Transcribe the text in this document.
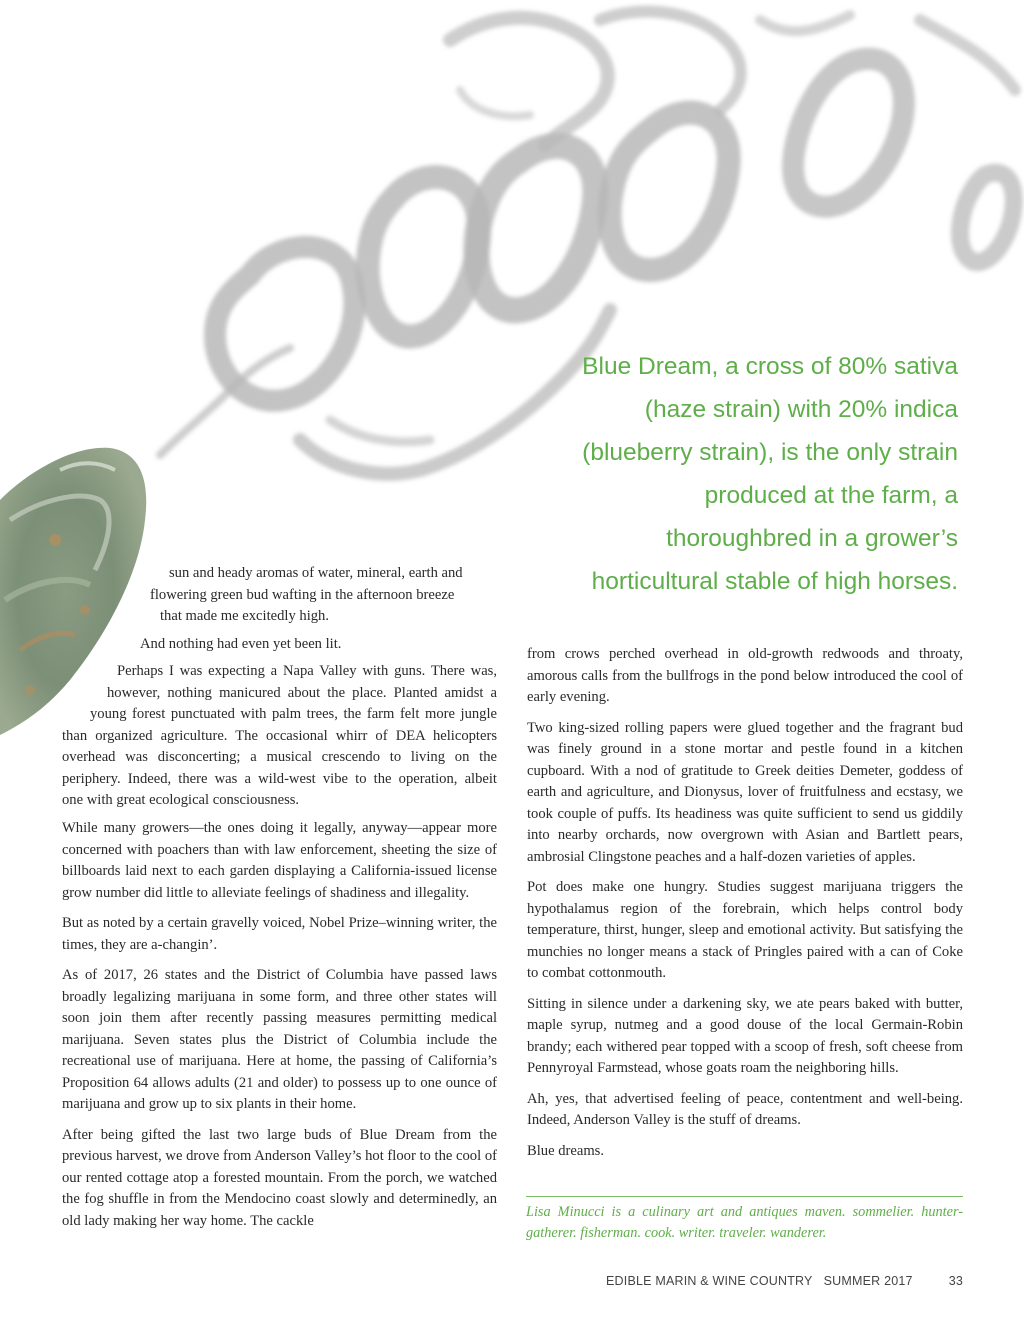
Blue Dream, a cross of 80% sativa (haze strain) with 20% indica (blueberry strain), is the only strain produced at the farm, a thoroughbred in a grower’s horticultural stable of high horses.

sun and heady aromas of water, mineral, earth and
flowering green bud wafting in the afternoon breeze
that made me excitedly high.

And nothing had even yet been lit.

Perhaps I was expecting a Napa Valley with guns. There was,
however, nothing manicured about the place. Planted amidst a
young forest punctuated with palm trees, the farm felt more jungle
than organized agriculture. The occasional whirr of DEA helicopters
overhead was disconcerting; a musical crescendo to living on the
periphery. Indeed, there was a wild-west vibe to the operation, albeit
one with great ecological consciousness.

While many growers—the ones doing it legally, anyway—appear more concerned with poachers than with law enforcement, sheeting the size of billboards laid next to each garden displaying a California-issued license grow number did little to alleviate feelings of shadiness and illegality.

But as noted by a certain gravelly voiced, Nobel Prize–winning writer, the times, they are a-changin’.

As of 2017, 26 states and the District of Columbia have passed laws broadly legalizing marijuana in some form, and three other states will soon join them after recently passing measures permitting medical marijuana. Seven states plus the District of Columbia include the recreational use of marijuana. Here at home, the passing of California’s Proposition 64 allows adults (21 and older) to possess up to one ounce of marijuana and grow up to six plants in their home.

After being gifted the last two large buds of Blue Dream from the previous harvest, we drove from Anderson Valley’s hot floor to the cool of our rented cottage atop a forested mountain. From the porch, we watched the fog shuffle in from the Mendocino coast slowly and determinedly, an old lady making her way home. The cackle

from crows perched overhead in old-growth redwoods and throaty, amorous calls from the bullfrogs in the pond below introduced the cool of early evening.

Two king-sized rolling papers were glued together and the fragrant bud was finely ground in a stone mortar and pestle found in a kitchen cupboard. With a nod of gratitude to Greek deities Demeter, goddess of earth and agriculture, and Dionysus, lover of fruitfulness and ecstasy, we took couple of puffs. Its headiness was quite sufficient to send us giddily into nearby orchards, now overgrown with Asian and Bartlett pears, ambrosial Clingstone peaches and a half-dozen varieties of apples.

Pot does make one hungry. Studies suggest marijuana triggers the hypothalamus region of the forebrain, which helps control body temperature, thirst, hunger, sleep and emotional activity. But satisfying the munchies no longer means a stack of Pringles paired with a can of Coke to combat cottonmouth.

Sitting in silence under a darkening sky, we ate pears baked with butter, maple syrup, nutmeg and a good douse of the local Germain-Robin brandy; each withered pear topped with a scoop of fresh, soft cheese from Pennyroyal Farmstead, whose goats roam the neighboring hills.

Ah, yes, that advertised feeling of peace, contentment and well-being. Indeed, Anderson Valley is the stuff of dreams.

Blue dreams.

Lisa Minucci is a culinary art and antiques maven. sommelier. hunter-gatherer. fisherman. cook. writer. traveler. wanderer.
EDIBLE MARIN & WINE COUNTRY SUMMER 2017	33
